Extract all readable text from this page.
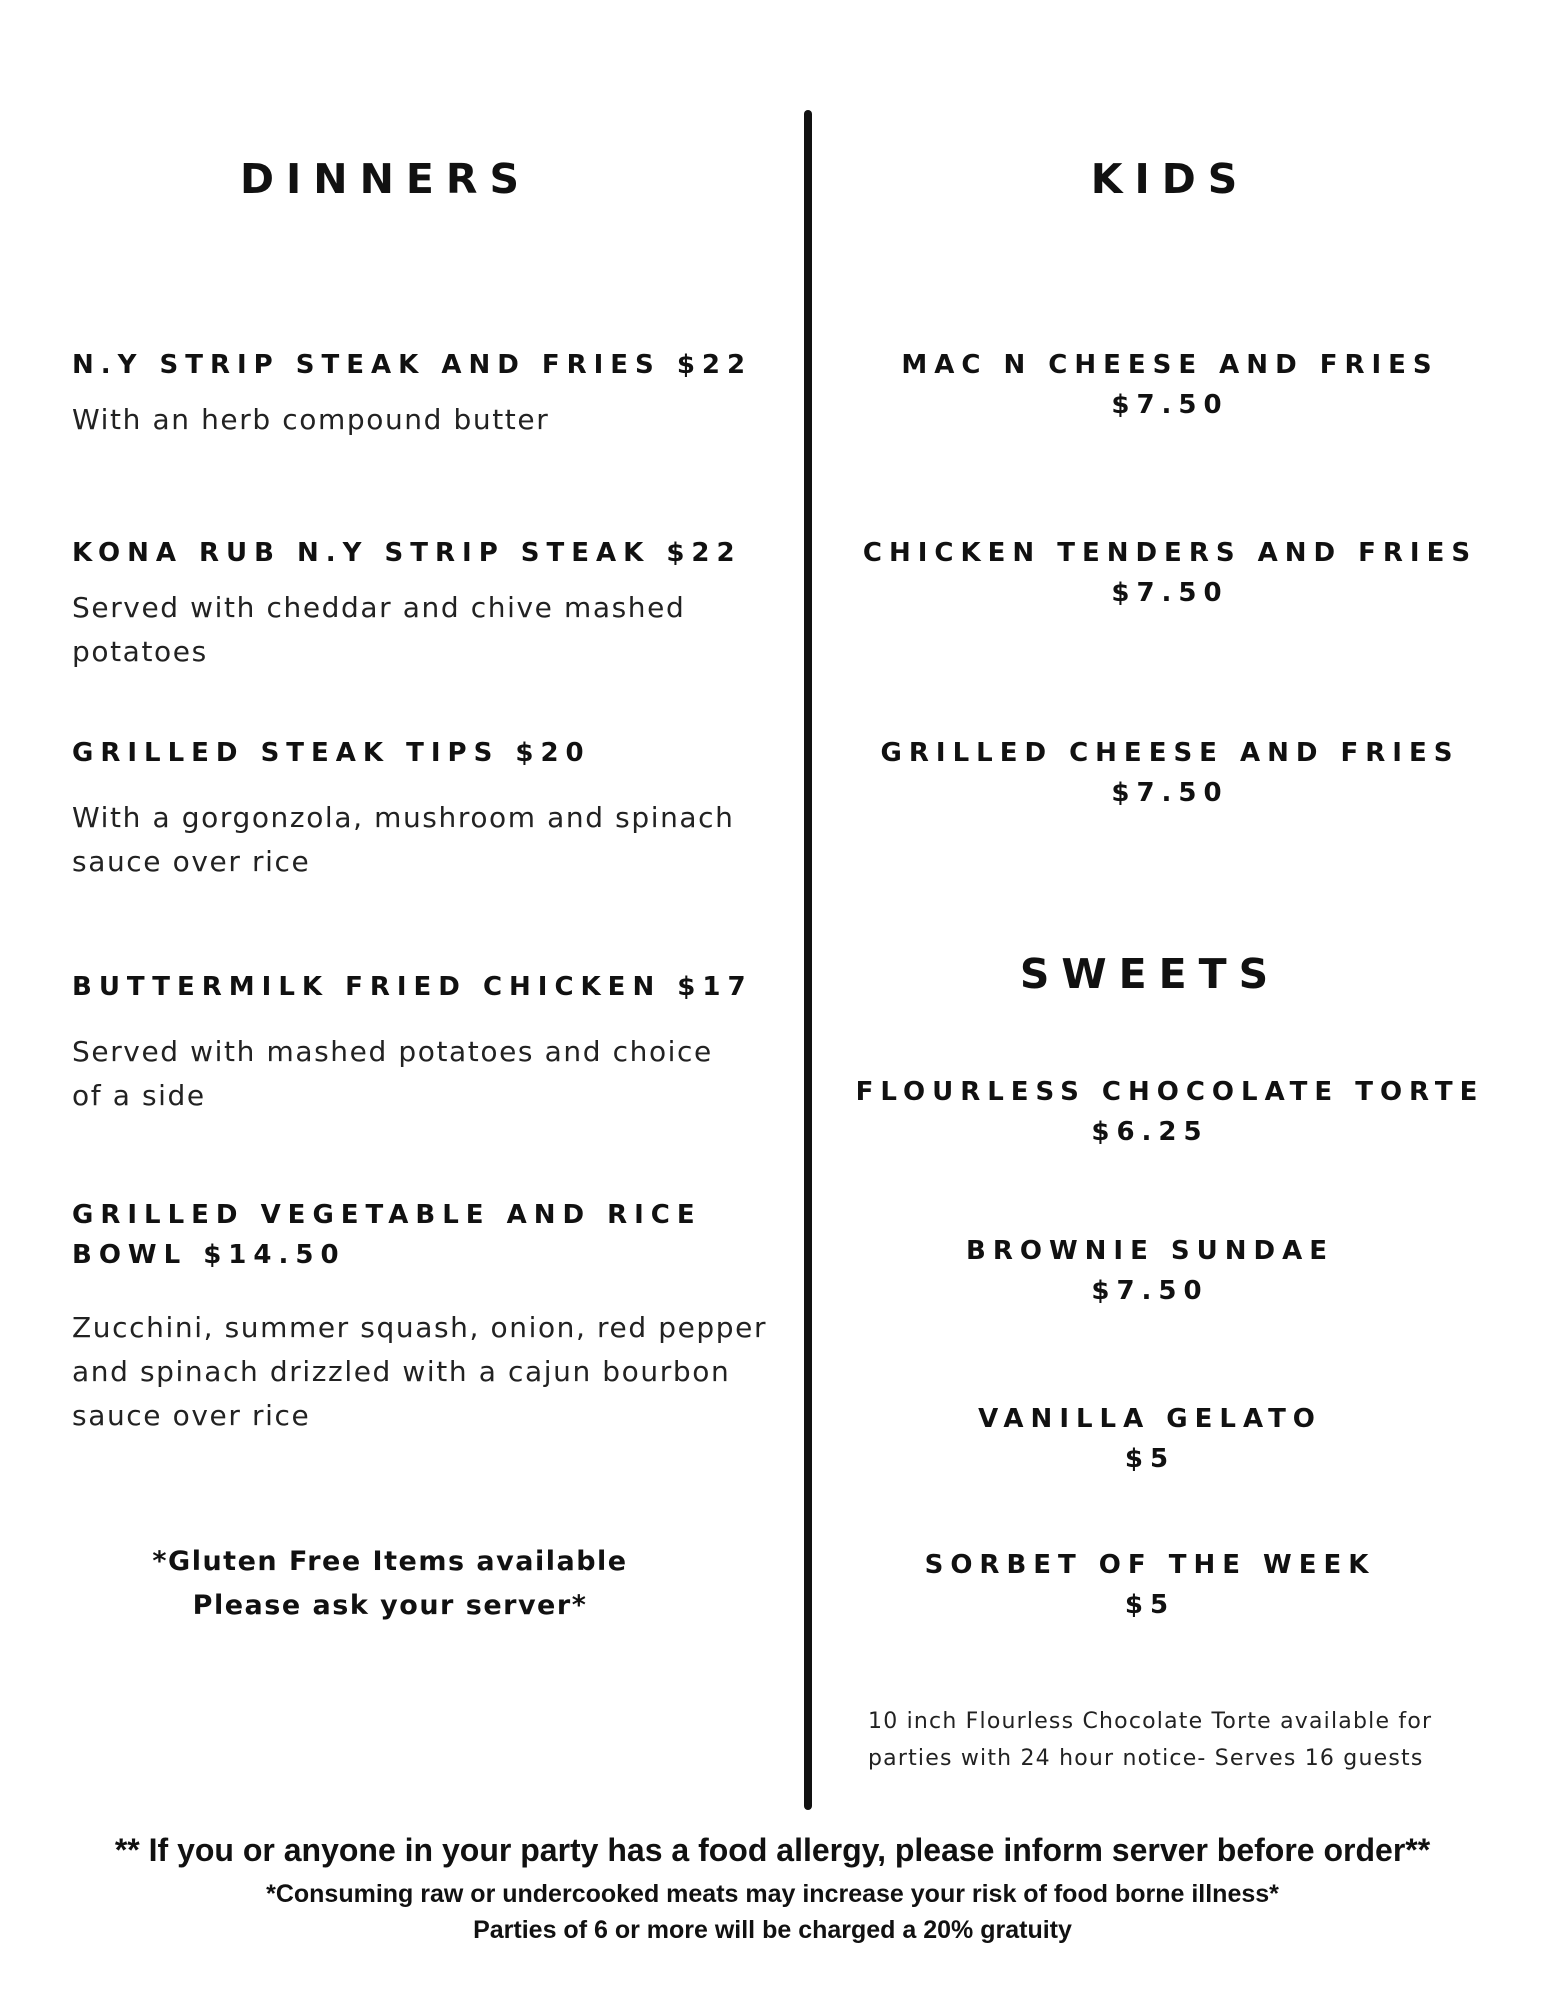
DINNERS
N.Y STRIP STEAK AND FRIES $22
With an herb compound butter
KONA RUB N.Y STRIP STEAK $22
Served with cheddar and chive mashed
potatoes
GRILLED STEAK TIPS $20
With a gorgonzola, mushroom and spinach
sauce over rice
BUTTERMILK FRIED CHICKEN $17
Served with mashed potatoes and choice
of a side
GRILLED VEGETABLE AND RICE
BOWL $14.50
Zucchini, summer squash, onion, red pepper
and spinach drizzled with a cajun bourbon
sauce over rice
*Gluten Free Items available
Please ask your server*
KIDS
MAC N CHEESE AND FRIES
$7.50
CHICKEN TENDERS AND FRIES
$7.50
GRILLED CHEESE AND FRIES
$7.50
SWEETS
FLOURLESS CHOCOLATE TORTE
$6.25
BROWNIE SUNDAE
$7.50
VANILLA GELATO
$5
SORBET OF THE WEEK
$5
10 inch Flourless Chocolate Torte available for
parties with 24 hour notice- Serves 16 guests
** If you or anyone in your party has a food allergy, please inform server before order**
*Consuming raw or undercooked meats may increase your risk of food borne illness*
Parties of 6 or more will be charged a 20% gratuity
